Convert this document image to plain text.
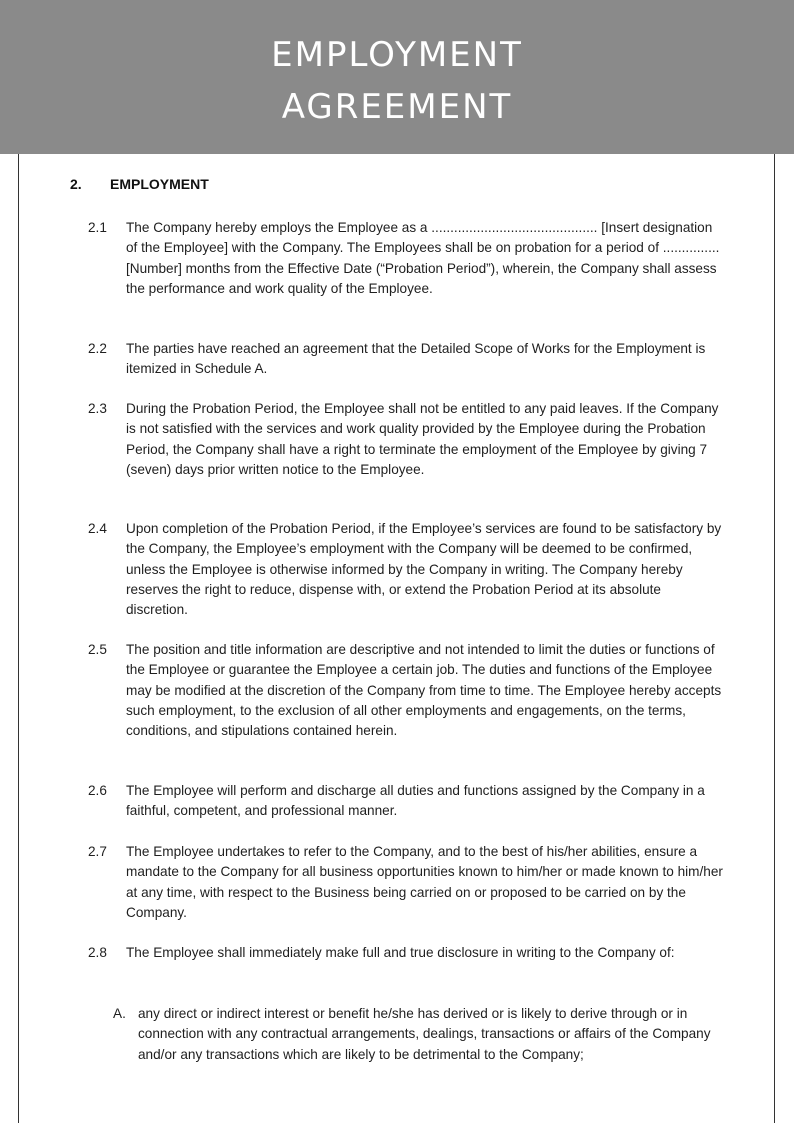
EMPLOYMENT
AGREEMENT
2. EMPLOYMENT
2.1	The Company hereby employs the Employee as a ............................................ [Insert designation of the Employee] with the Company. The Employees shall be on probation for a period of ...............[Number] months from the Effective Date (“Probation Period”), wherein, the Company shall assess the performance and work quality of the Employee.
2.2	The parties have reached an agreement that the Detailed Scope of Works for the Employment is itemized in Schedule A.
2.3	During the Probation Period, the Employee shall not be entitled to any paid leaves. If the Company is not satisfied with the services and work quality provided by the Employee during the Probation Period, the Company shall have a right to terminate the employment of the Employee by giving 7 (seven) days prior written notice to the Employee.
2.4	Upon completion of the Probation Period, if the Employee’s services are found to be satisfactory by the Company, the Employee’s employment with the Company will be deemed to be confirmed, unless the Employee is otherwise informed by the Company in writing. The Company hereby reserves the right to reduce, dispense with, or extend the Probation Period at its absolute discretion.
2.5	The position and title information are descriptive and not intended to limit the duties or functions of the Employee or guarantee the Employee a certain job. The duties and functions of the Employee may be modified at the discretion of the Company from time to time. The Employee hereby accepts such employment, to the exclusion of all other employments and engagements, on the terms, conditions, and stipulations contained herein.
2.6	The Employee will perform and discharge all duties and functions assigned by the Company in a faithful, competent, and professional manner.
2.7	The Employee undertakes to refer to the Company, and to the best of his/her abilities, ensure a mandate to the Company for all business opportunities known to him/her or made known to him/her at any time, with respect to the Business being carried on or proposed to be carried on by the Company.
2.8	The Employee shall immediately make full and true disclosure in writing to the Company of:
A. any direct or indirect interest or benefit he/she has derived or is likely to derive through or in connection with any contractual arrangements, dealings, transactions or affairs of the Company and/or any transactions which are likely to be detrimental to the Company;
